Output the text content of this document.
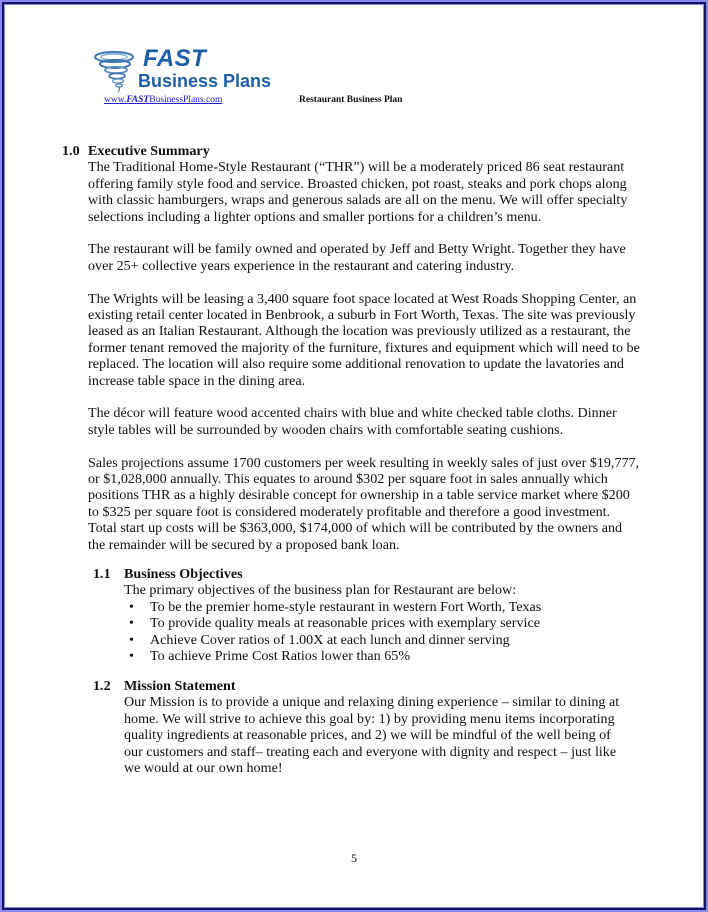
FAST
Business Plans
www.FASTBusinessPlans.com	Restaurant Business Plan
1.0 Executive Summary

The Traditional Home-Style Restaurant (“THR”) will be a moderately priced 86 seat restaurant offering family style food and service. Broasted chicken, pot roast, steaks and pork chops along with classic hamburgers, wraps and generous salads are all on the menu. We will offer specialty selections including a lighter options and smaller portions for a children’s menu.

The restaurant will be family owned and operated by Jeff and Betty Wright. Together they have over 25+ collective years experience in the restaurant and catering industry.

The Wrights will be leasing a 3,400 square foot space located at West Roads Shopping Center, an existing retail center located in Benbrook, a suburb in Fort Worth, Texas. The site was previously leased as an Italian Restaurant. Although the location was previously utilized as a restaurant, the former tenant removed the majority of the furniture, fixtures and equipment which will need to be replaced. The location will also require some additional renovation to update the lavatories and increase table space in the dining area.

The décor will feature wood accented chairs with blue and white checked table cloths. Dinner style tables will be surrounded by wooden chairs with comfortable seating cushions.

Sales projections assume 1700 customers per week resulting in weekly sales of just over $19,777, or $1,028,000 annually. This equates to around $302 per square foot in sales annually which positions THR as a highly desirable concept for ownership in a table service market where $200 to $325 per square foot is considered moderately profitable and therefore a good investment. Total start up costs will be $363,000, $174,000 of which will be contributed by the owners and the remainder will be secured by a proposed bank loan.

1.1 Business Objectives

The primary objectives of the business plan for Restaurant are below:

• To be the premier home-style restaurant in western Fort Worth, Texas
• To provide quality meals at reasonable prices with exemplary service
• Achieve Cover ratios of 1.00X at each lunch and dinner serving
• To achieve Prime Cost Ratios lower than 65%
1.2 Mission Statement

Our Mission is to provide a unique and relaxing dining experience – similar to dining at home. We will strive to achieve this goal by: 1) by providing menu items incorporating quality ingredients at reasonable prices, and 2) we will be mindful of the well being of our customers and staff– treating each and everyone with dignity and respect – just like we would at our own home!

5
